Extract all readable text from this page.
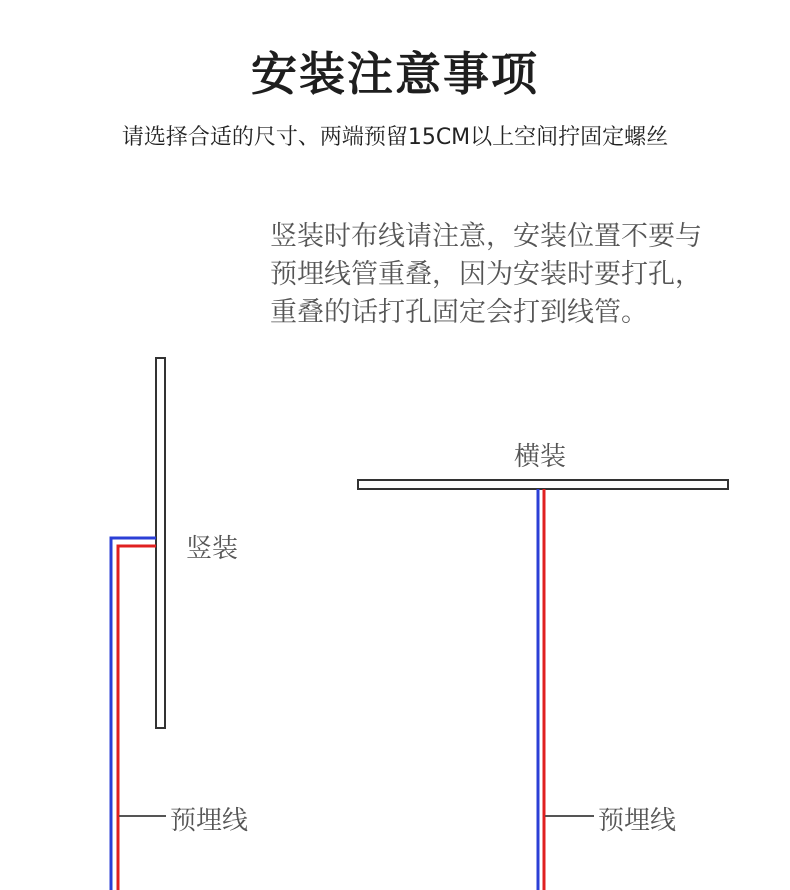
安装注意事项
请选择合适的尺寸、两端预留15CM以上空间拧固定螺丝
竖装时布线请注意，安装位置不要与
预埋线管重叠，因为安装时要打孔，
重叠的话打孔固定会打到线管。
竖装
横装
预埋线	预埋线
